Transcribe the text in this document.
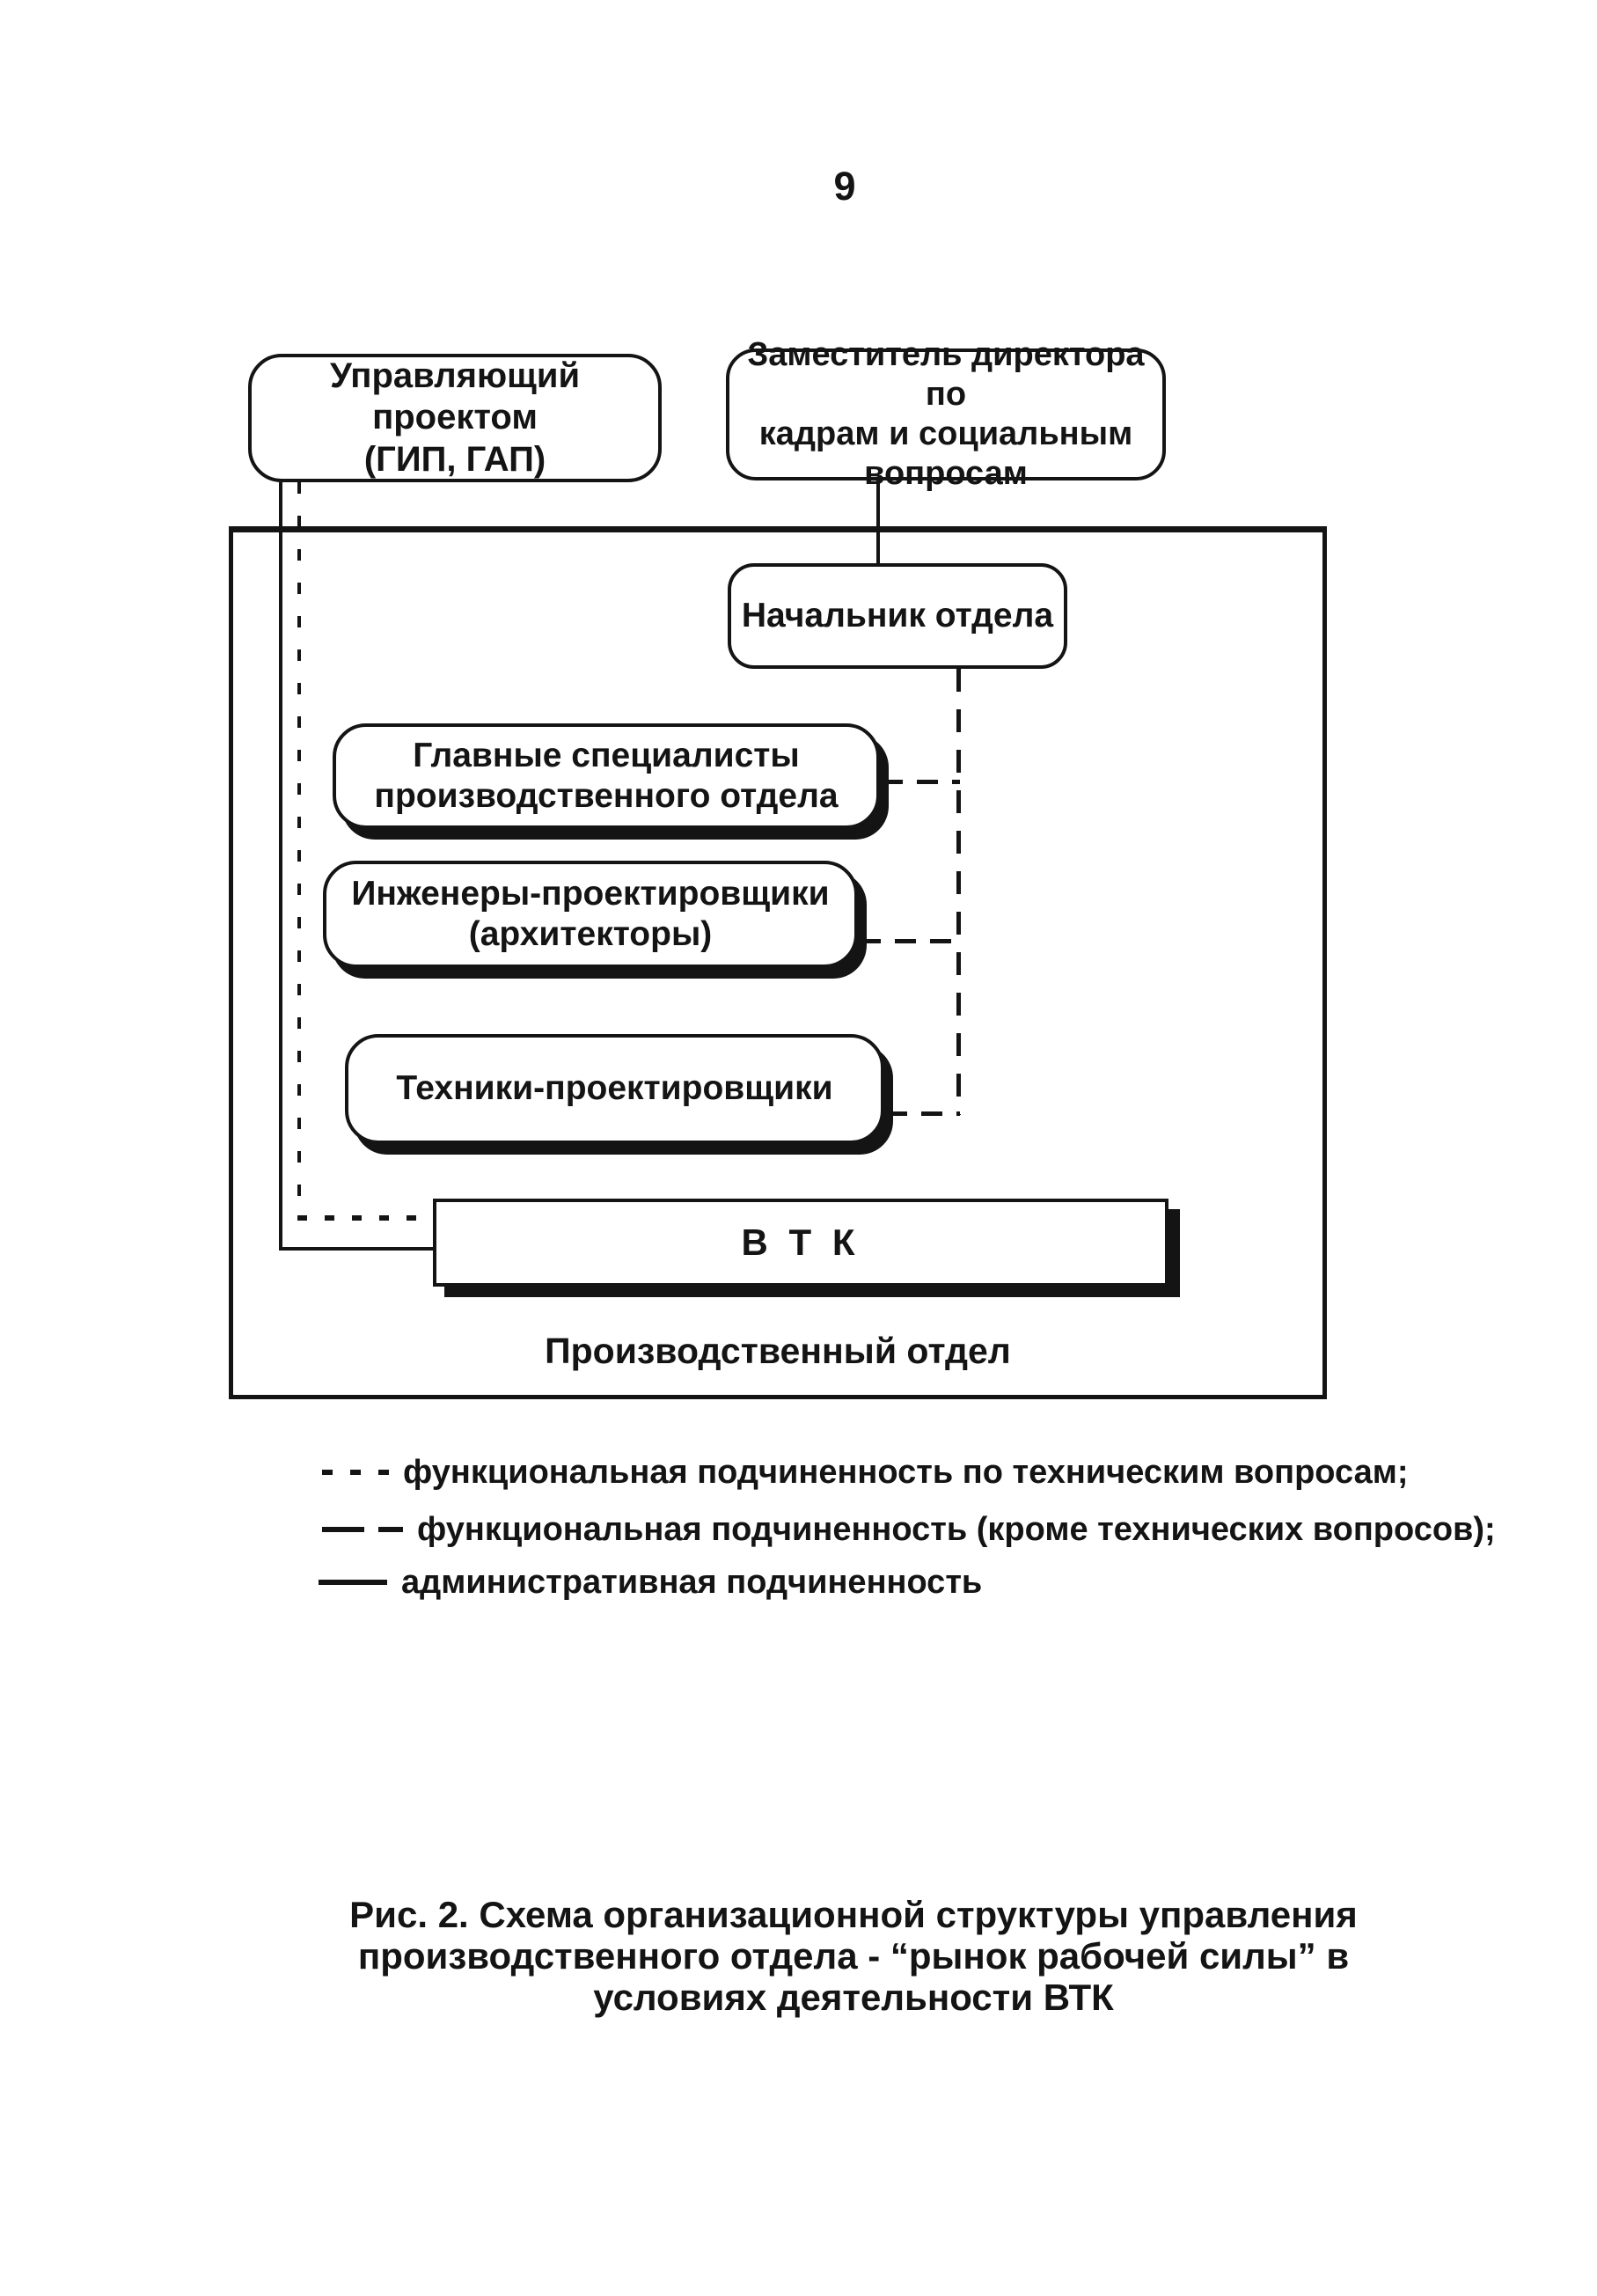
9
Производственный отдел
Управляющий проектом
(ГИП, ГАП)
Заместитель директора по
кадрам и социальным
вопросам
Начальник отдела
Главные специалисты
производственного отдела
Инженеры-проектировщики
(архитекторы)
Техники-проектировщики
В Т К
функциональная подчиненность по техническим вопросам;
функциональная подчиненность (кроме технических вопросов);
административная подчиненность
Рис. 2. Схема организационной структуры управления
производственного отдела - “рынок рабочей силы” в
условиях деятельности ВТК
